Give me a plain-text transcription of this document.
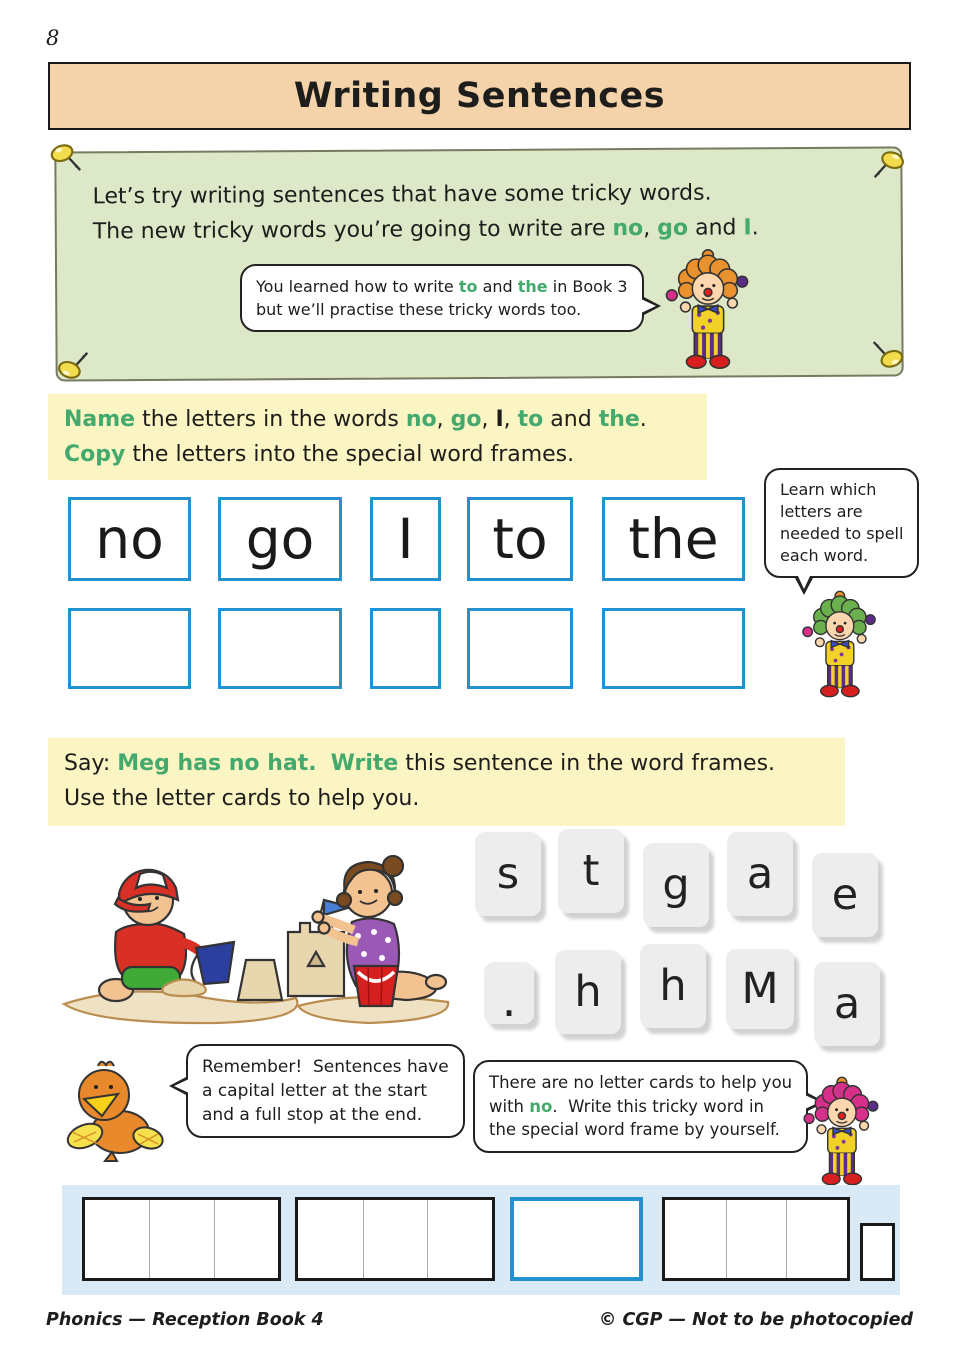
8
Writing Sentences
Let’s try writing sentences that have some tricky words.
The new tricky words you’re going to write are no, go and I.
You learned how to write to and the in Book 3
but we’ll practise these tricky words too.
Name the letters in the words no, go, I, to and the.
Copy the letters into the special word frames.
Learn which
letters are
needed to spell
each word.
no go I to the
Say: Meg has no hat. Write this sentence in the word frames.
Use the letter cards to help you.
s	t	g	a	e
.	h	h	M	a
Remember!  Sentences have
a capital letter at the start
and a full stop at the end.
There are no letter cards to help you
with no.  Write this tricky word in
the special word frame by yourself.
Phonics — Reception Book 4	© CGP — Not to be photocopied
